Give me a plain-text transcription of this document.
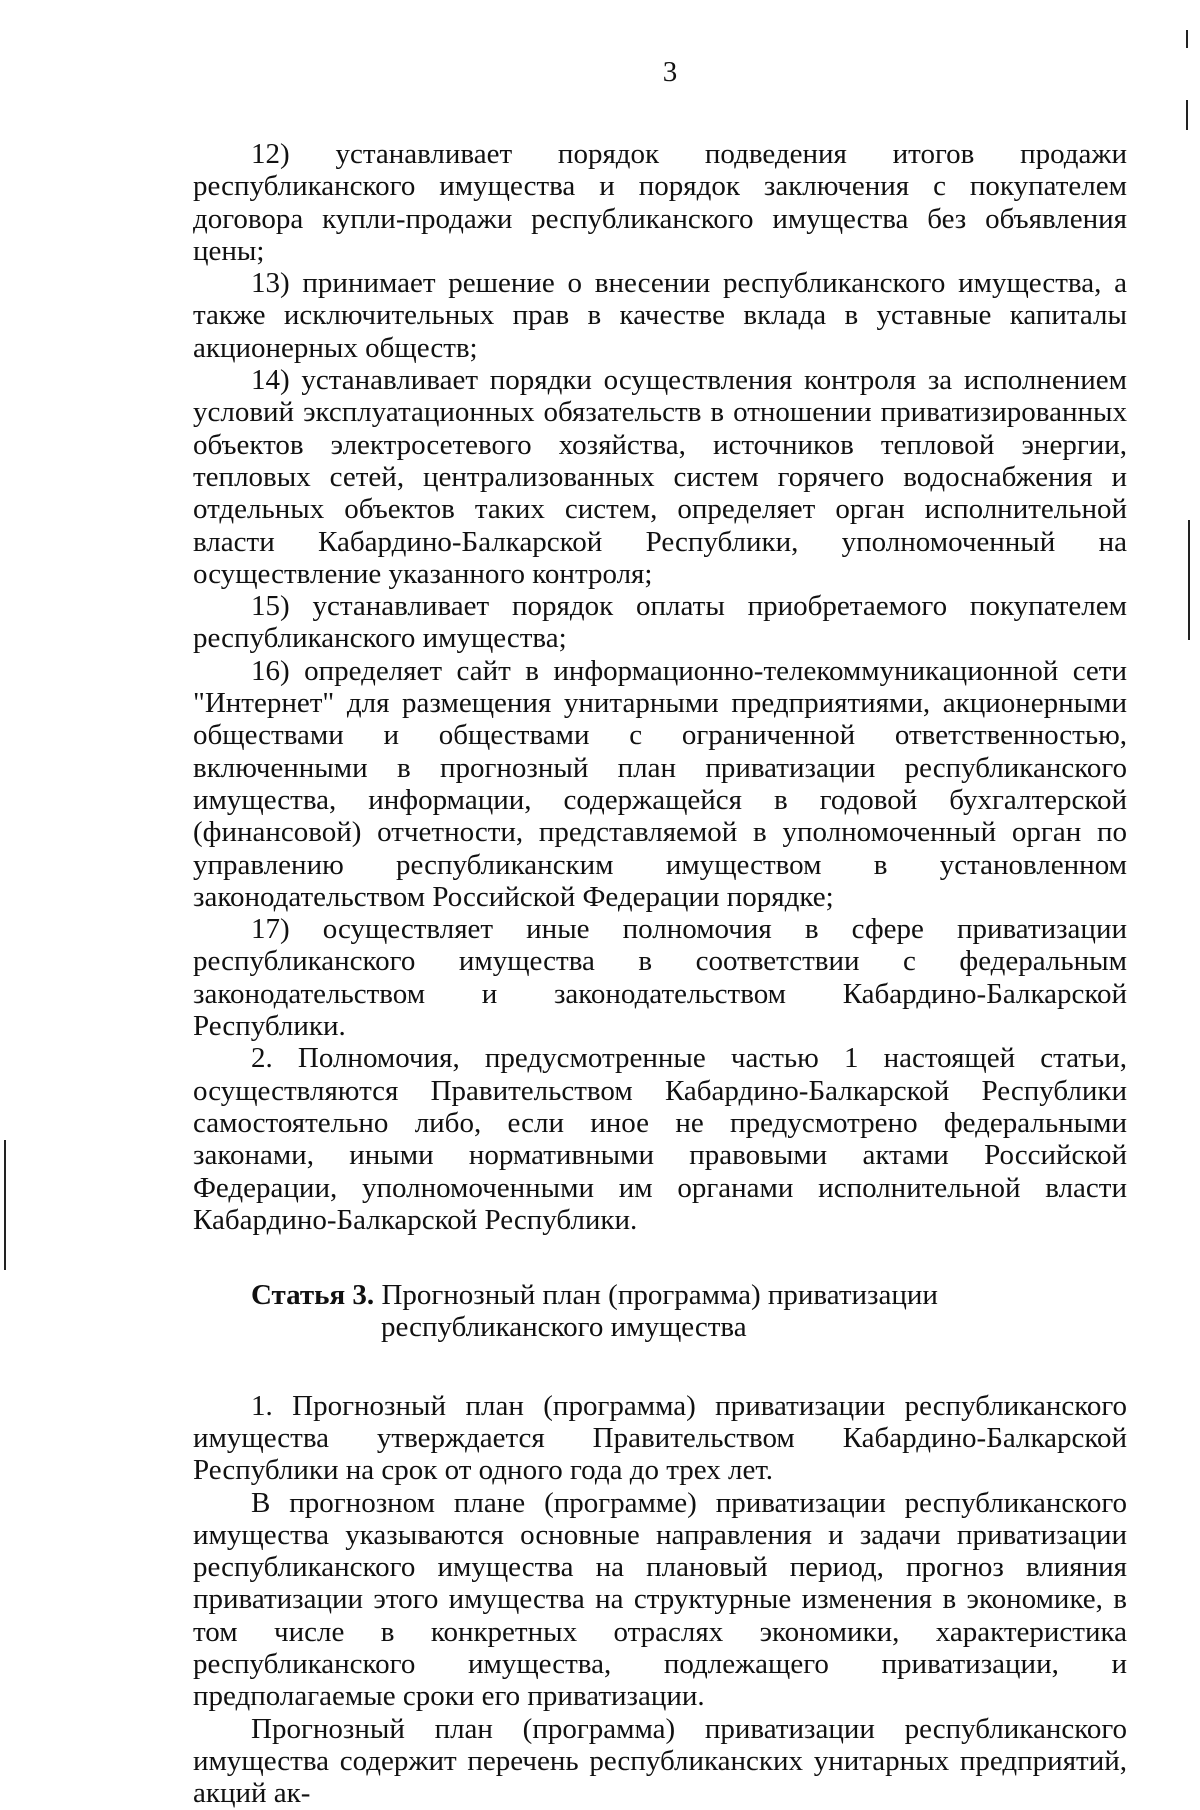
3

12) устанавливает порядок подведения итогов продажи республиканского имущества и порядок заключения с покупателем договора купли-продажи республиканского имущества без объявления цены;

13) принимает решение о внесении республиканского имущества, а также исключительных прав в качестве вклада в уставные капиталы акционерных обществ;

14) устанавливает порядки осуществления контроля за исполнением условий эксплуатационных обязательств в отношении приватизированных объектов электросетевого хозяйства, источников тепловой энергии, тепловых сетей, централизованных систем горячего водоснабжения и отдельных объектов таких систем, определяет орган исполнительной власти Кабардино-Балкарской Республики, уполномоченный на осуществление указанного контроля;

15) устанавливает порядок оплаты приобретаемого покупателем республиканского имущества;

16) определяет сайт в информационно-телекоммуникационной сети "Интернет" для размещения унитарными предприятиями, акционерными обществами и обществами с ограниченной ответственностью, включенными в прогнозный план приватизации республиканского имущества, информации, содержащейся в годовой бухгалтерской (финансовой) отчетности, представляемой в уполномоченный орган по управлению республиканским имуществом в установленном законодательством Российской Федерации порядке;

17) осуществляет иные полномочия в сфере приватизации республиканского имущества в соответствии с федеральным законодательством и законодательством Кабардино-Балкарской Республики.

2. Полномочия, предусмотренные частью 1 настоящей статьи, осуществляются Правительством Кабардино-Балкарской Республики самостоятельно либо, если иное не предусмотрено федеральными законами, иными нормативными правовыми актами Российской Федерации, уполномоченными им органами исполнительной власти Кабардино-Балкарской Республики.

Статья 3. Прогнозный план (программа) приватизации
республиканского имущества

1. Прогнозный план (программа) приватизации республиканского имущества утверждается Правительством Кабардино-Балкарской Республики на срок от одного года до трех лет.

В прогнозном плане (программе) приватизации республиканского имущества указываются основные направления и задачи приватизации республиканского имущества на плановый период, прогноз влияния приватизации этого имущества на структурные изменения в экономике, в том числе в конкретных отраслях экономики, характеристика республиканского имущества, подлежащего приватизации, и предполагаемые сроки его приватизации.

Прогнозный план (программа) приватизации республиканского имущества содержит перечень республиканских унитарных предприятий, акций ак-
